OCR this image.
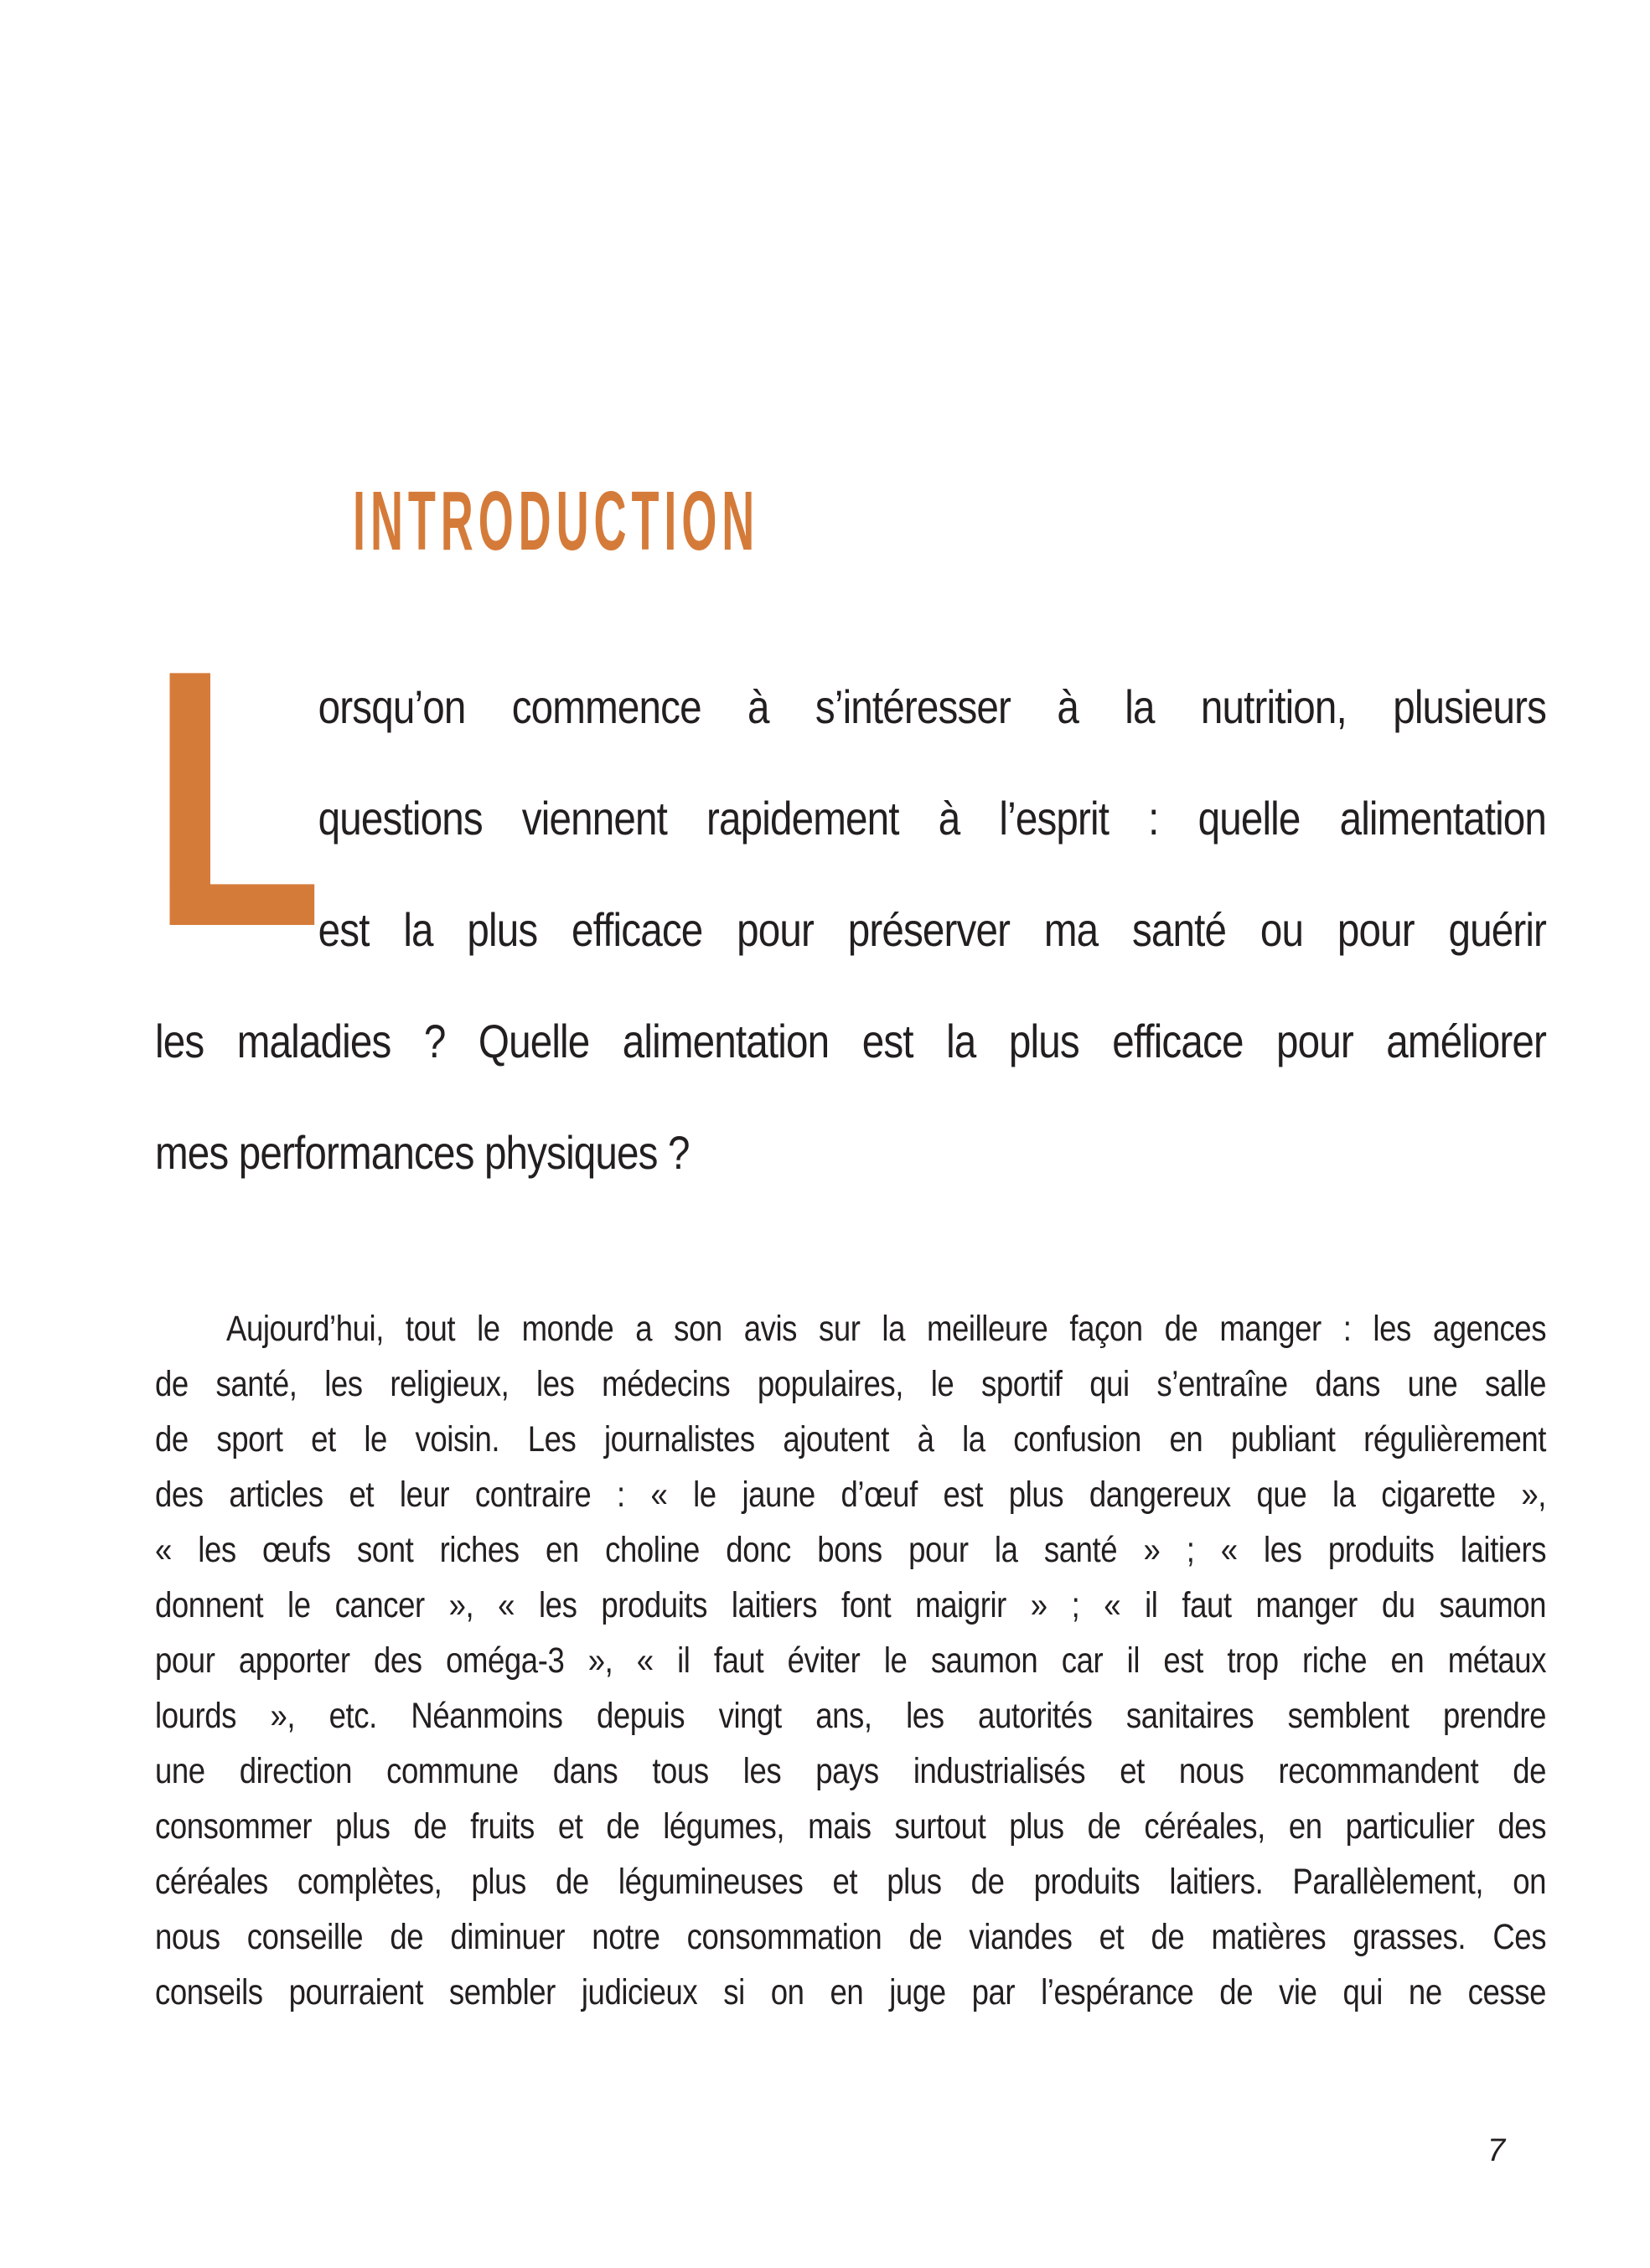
INTRODUCTION
L
orsqu’on commence à s’intéresser à la nutrition, plusieurs
questions viennent rapidement à l’esprit : quelle alimentation
est la plus efficace pour préserver ma santé ou pour guérir
les maladies ? Quelle alimentation est la plus efficace pour améliorer
mes performances physiques ?
Aujourd’hui, tout le monde a son avis sur la meilleure façon de manger : les agences
de santé, les religieux, les médecins populaires, le sportif qui s’entraîne dans une salle
de sport et le voisin. Les journalistes ajoutent à la confusion en publiant régulièrement
des articles et leur contraire : « le jaune d’œuf est plus dangereux que la cigarette »,
« les œufs sont riches en choline donc bons pour la santé » ; « les produits laitiers
donnent le cancer », « les produits laitiers font maigrir » ; « il faut manger du saumon
pour apporter des oméga-3 », « il faut éviter le saumon car il est trop riche en métaux
lourds », etc. Néanmoins depuis vingt ans, les autorités sanitaires semblent prendre
une direction commune dans tous les pays industrialisés et nous recommandent de
consommer plus de fruits et de légumes, mais surtout plus de céréales, en particulier des
céréales complètes, plus de légumineuses et plus de produits laitiers. Parallèlement, on
nous conseille de diminuer notre consommation de viandes et de matières grasses. Ces
conseils pourraient sembler judicieux si on en juge par l’espérance de vie qui ne cesse
7
